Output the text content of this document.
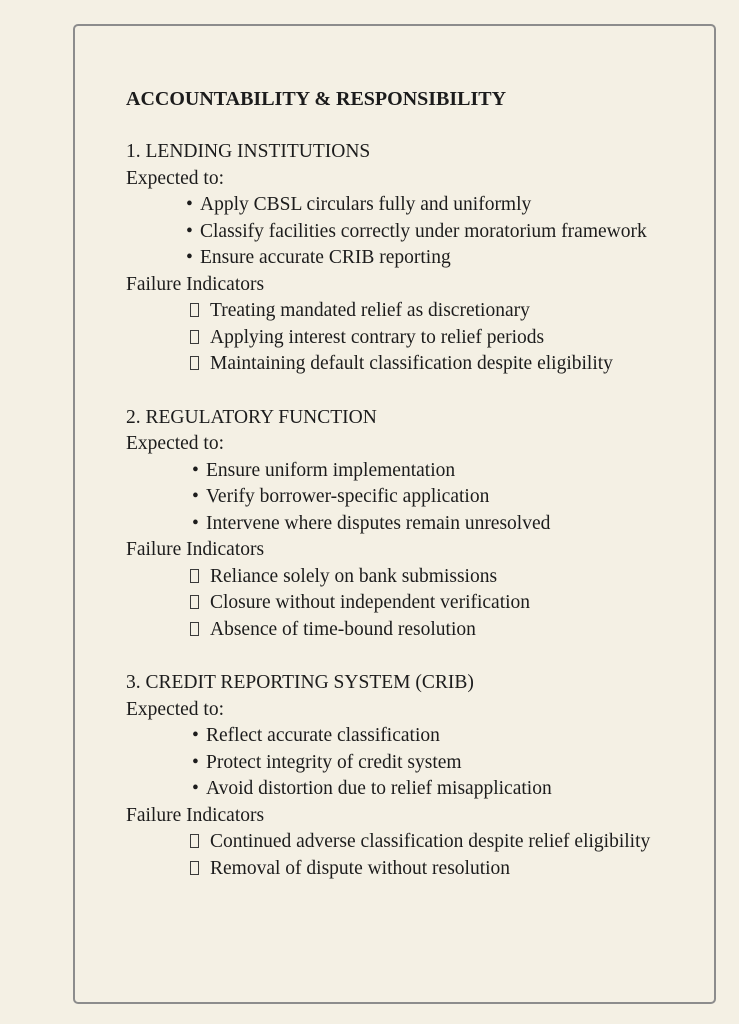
ACCOUNTABILITY & RESPONSIBILITY

1. LENDING INSTITUTIONS

Expected to:

• Apply CBSL circulars fully and uniformly
• Classify facilities correctly under moratorium framework
• Ensure accurate CRIB reporting

Failure Indicators

Treating mandated relief as discretionary
Applying interest contrary to relief periods
Maintaining default classification despite eligibility

2. REGULATORY FUNCTION

Expected to:

• Ensure uniform implementation
• Verify borrower-specific application
• Intervene where disputes remain unresolved

Failure Indicators

Reliance solely on bank submissions
Closure without independent verification
Absence of time-bound resolution

3. CREDIT REPORTING SYSTEM (CRIB)

Expected to:

• Reflect accurate classification
• Protect integrity of credit system
• Avoid distortion due to relief misapplication

Failure Indicators

Continued adverse classification despite relief eligibility
Removal of dispute without resolution
